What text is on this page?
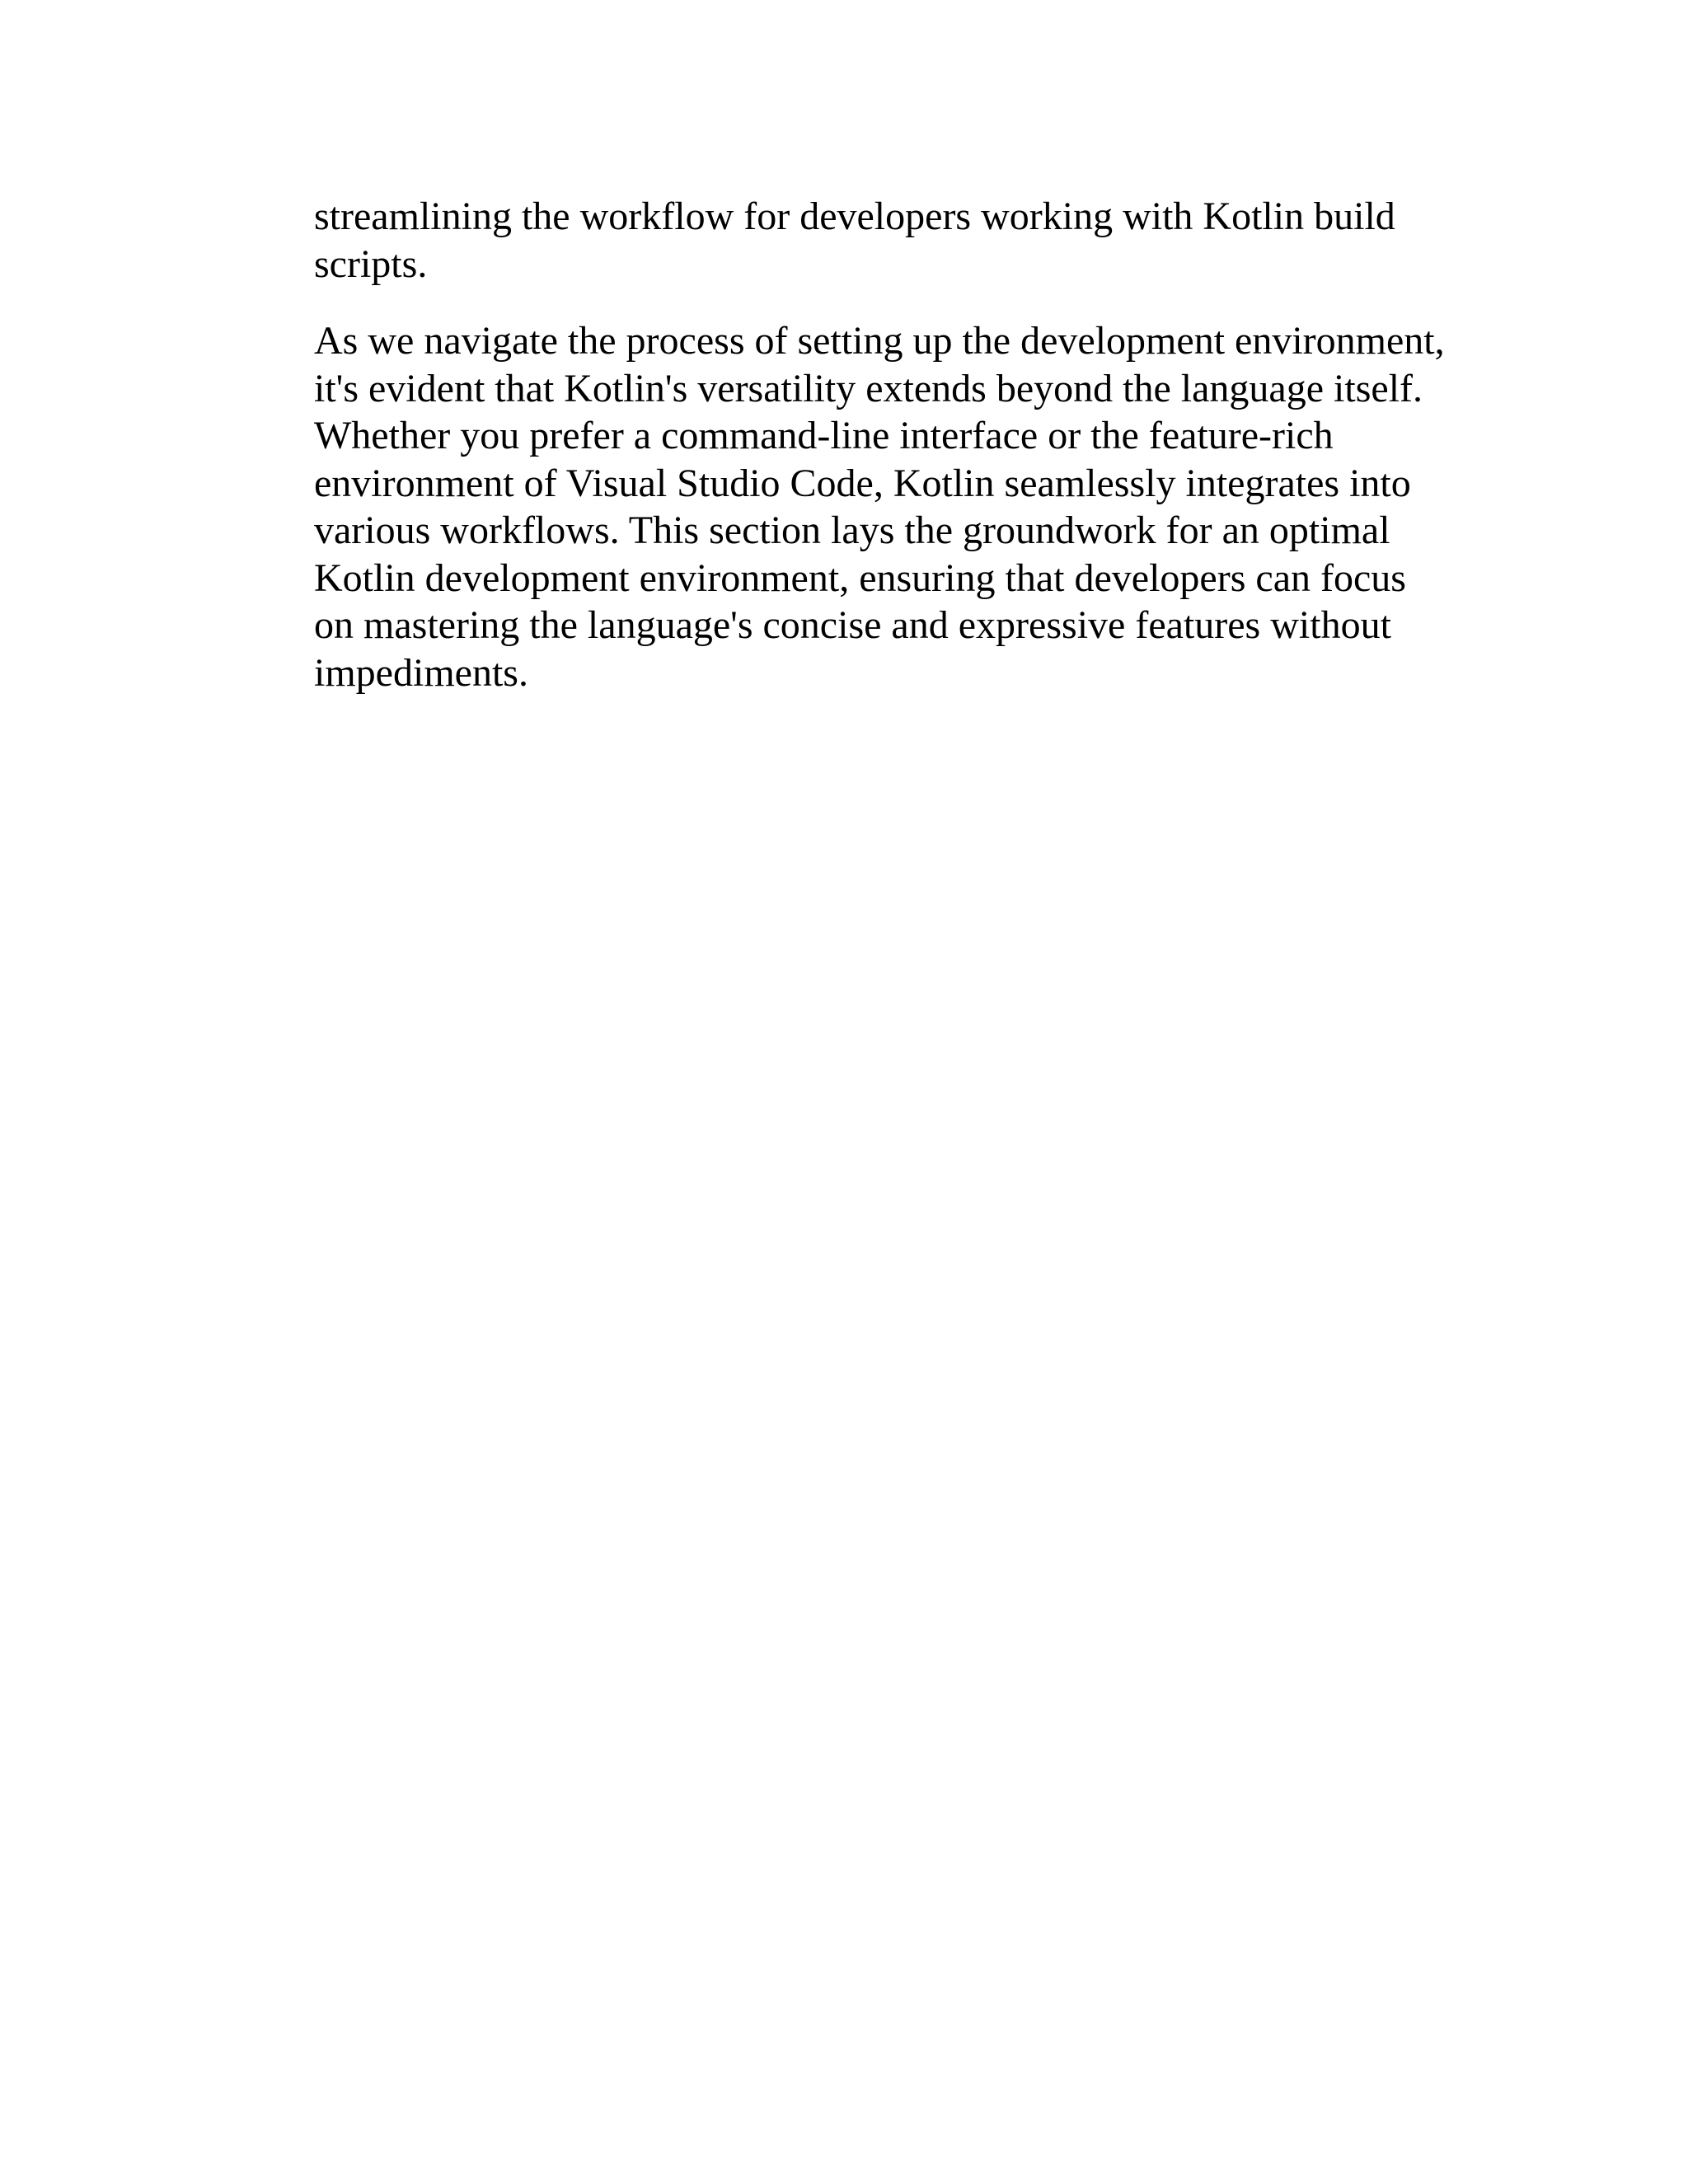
streamlining the workflow for developers working with Kotlin build scripts.

As we navigate the process of setting up the development environment, it's evident that Kotlin's versatility extends beyond the language itself. Whether you prefer a command-line interface or the feature-rich environment of Visual Studio Code, Kotlin seamlessly integrates into various workflows. This section lays the groundwork for an optimal Kotlin development environment, ensuring that developers can focus on mastering the language's concise and expressive features without impediments.
